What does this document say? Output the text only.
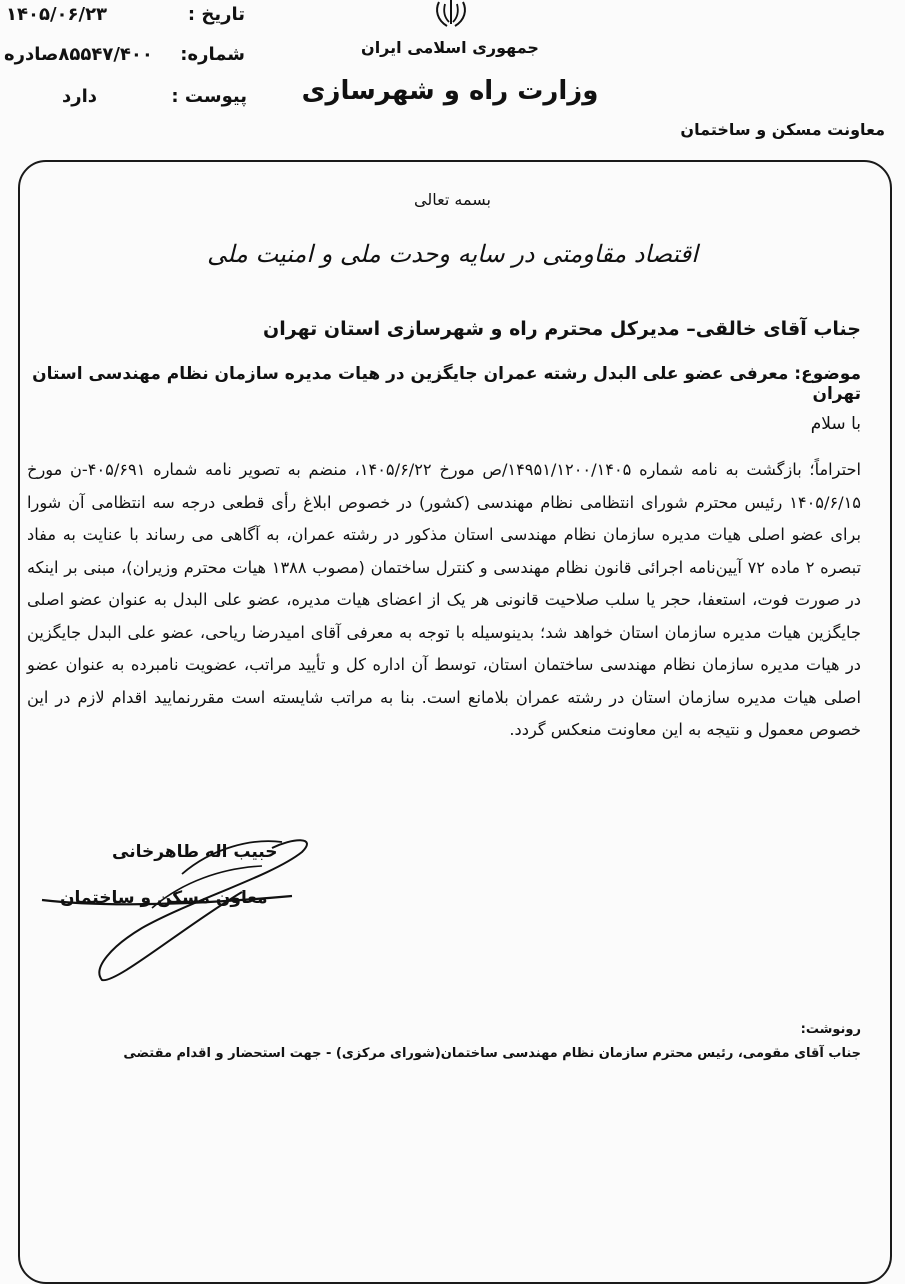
تاریخ :
۱۴۰۵/۰۶/۲۳
شماره:
۸۵۵۴۷/۴۰۰صادره
پیوست :
دارد
جمهوری اسلامی ایران
وزارت راه و شهرسازی
معاونت مسکن و ساختمان
بسمه تعالی
اقتصاد مقاومتی در سایه وحدت ملی و امنیت ملی
جناب آقای خالقی– مدیرکل محترم راه و شهرسازی استان تهران
موضوع: معرفی عضو علی البدل رشته عمران جایگزین در هیات مدیره سازمان نظام مهندسی استان تهران
با سلام
احتراماً؛ بازگشت به نامه شماره ۱۴۹۵۱/۱۲۰۰/۱۴۰۵/ص مورخ ۱۴۰۵/۶/۲۲، منضم به تصویر نامه شماره ۴۰۵/۶۹۱-ن مورخ ۱۴۰۵/۶/۱۵ رئیس محترم شورای انتظامی نظام مهندسی (کشور) در خصوص ابلاغ رأی قطعی درجه سه انتظامی آن شورا برای عضو اصلی هیات مدیره سازمان نظام مهندسی استان مذکور در رشته عمران، به آگاهی می رساند با عنایت به مفاد تبصره ۲ ماده ۷۲ آیین‌نامه اجرائی قانون نظام مهندسی و کنترل ساختمان (مصوب ۱۳۸۸ هیات محترم وزیران)، مبنی بر اینکه در صورت فوت، استعفا، حجر یا سلب صلاحیت قانونی هر یک از اعضای هیات مدیره، عضو علی البدل به عنوان عضو اصلی جایگزین هیات مدیره سازمان استان خواهد شد؛ بدینوسیله با توجه به معرفی آقای امیدرضا ریاحی، عضو علی البدل جایگزین در هیات مدیره سازمان نظام مهندسی ساختمان استان، توسط آن اداره کل و تأیید مراتب، عضویت نامبرده به عنوان عضو اصلی هیات مدیره سازمان استان در رشته عمران بلامانع است. بنا به مراتب شایسته است مقررنمایید اقدام لازم در این خصوص معمول و نتیجه به این معاونت منعکس گردد.
حبیب اله طاهرخانی
معاون مسکن و ساختمان
رونوشت:
جناب آقای مقومی، رئیس محترم سازمان نظام مهندسی ساختمان(شورای مرکزی) - جهت استحضار و اقدام مقتضی
